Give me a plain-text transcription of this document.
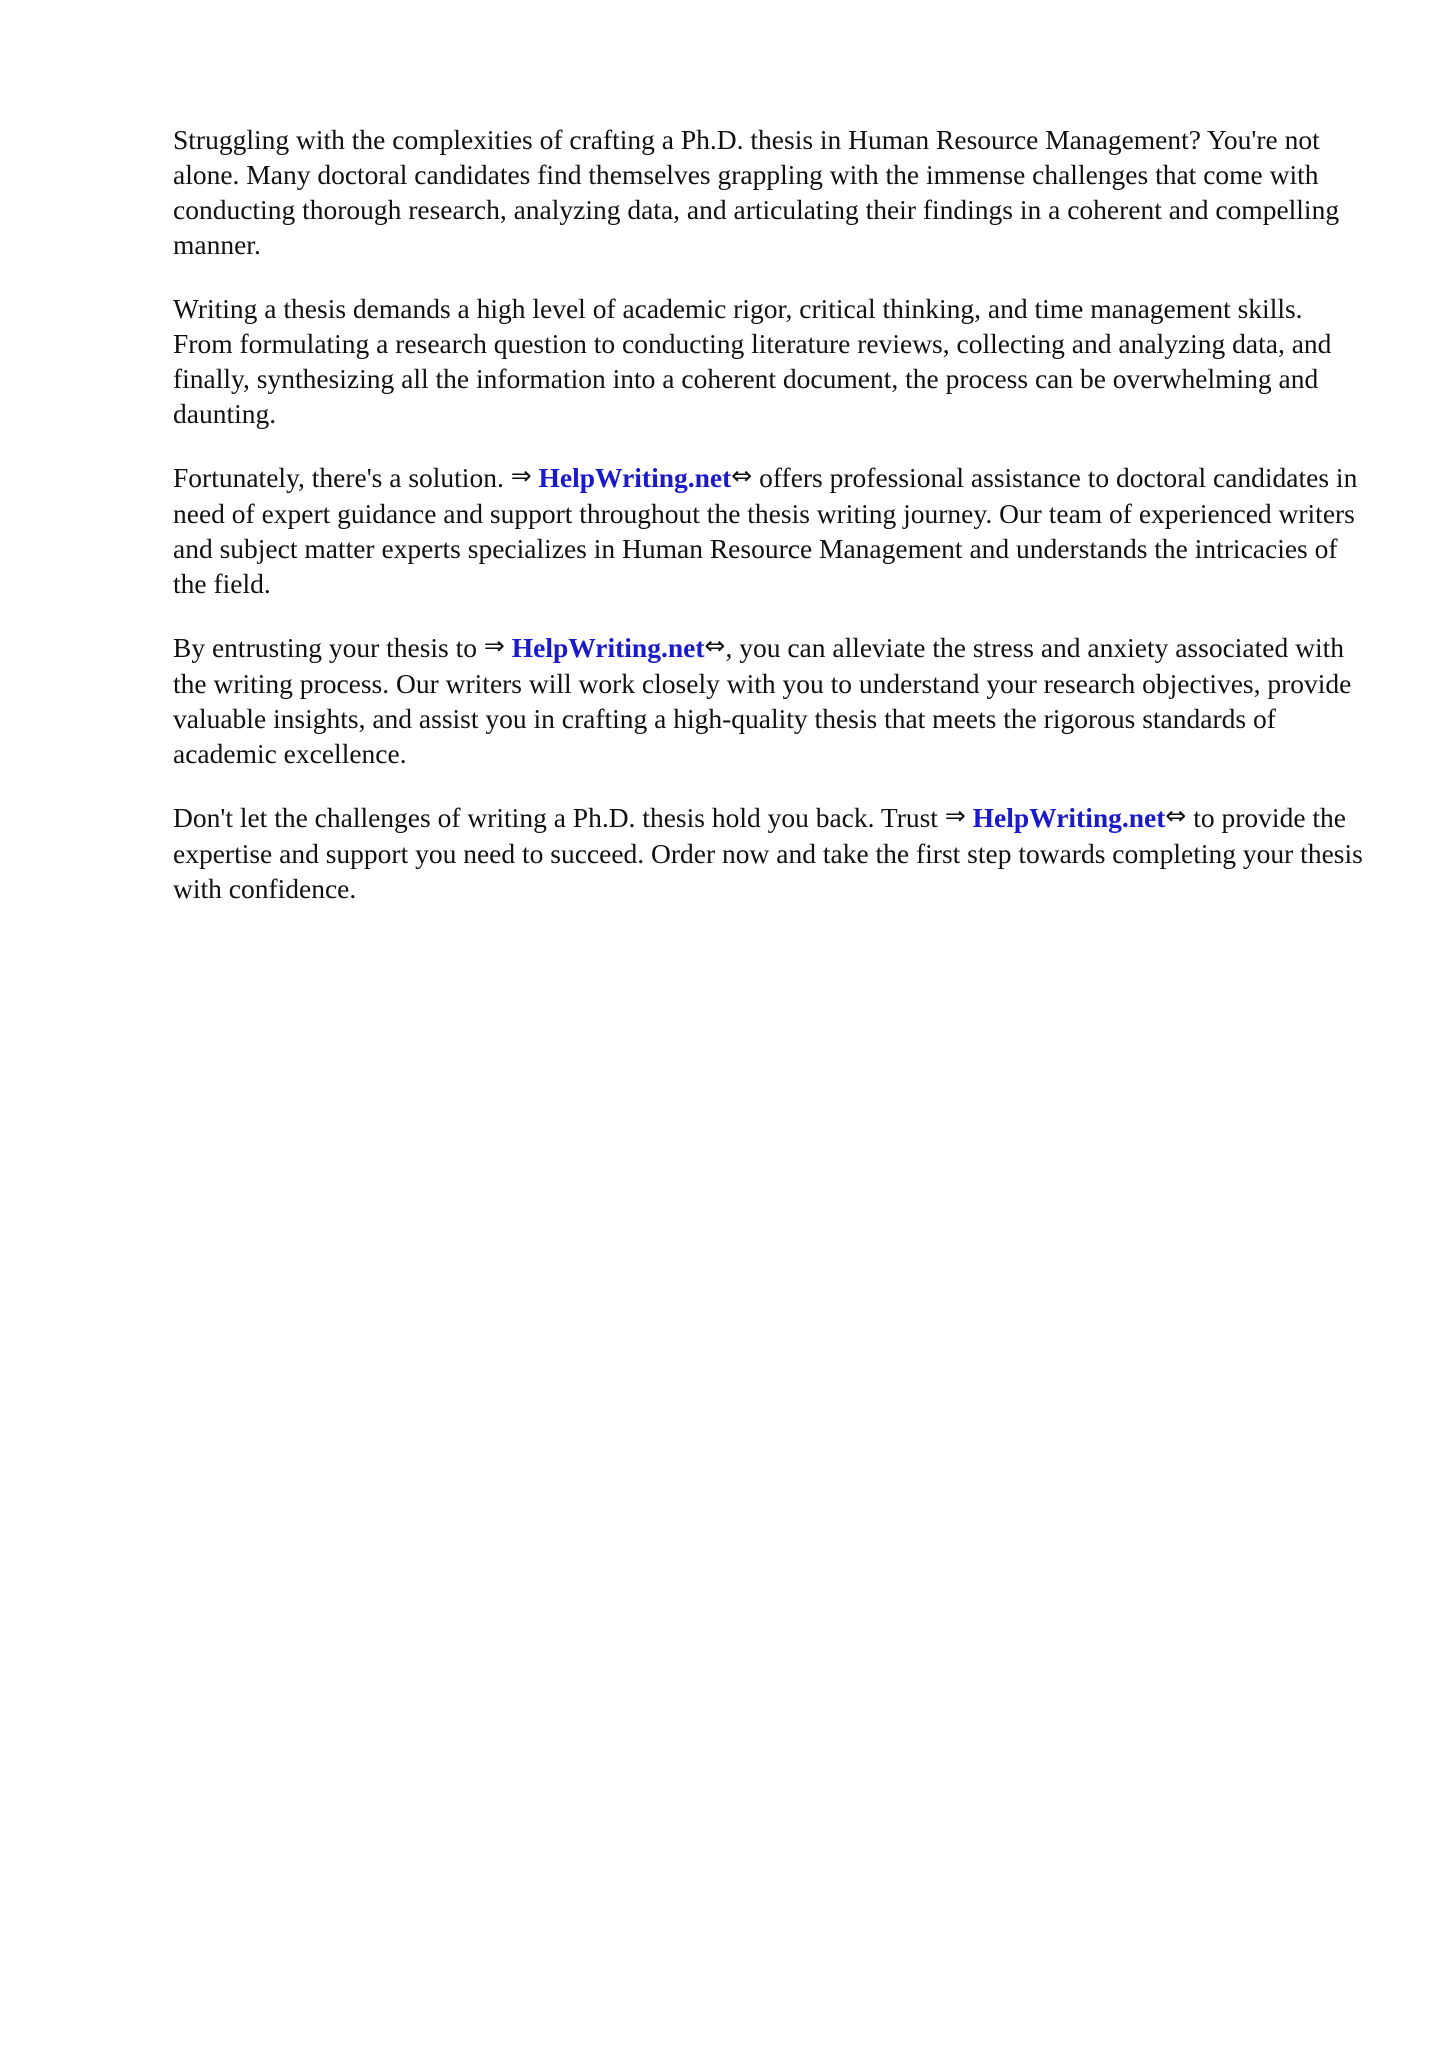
Struggling with the complexities of crafting a Ph.D. thesis in Human Resource Management? You're not alone. Many doctoral candidates find themselves grappling with the immense challenges that come with conducting thorough research, analyzing data, and articulating their findings in a coherent and compelling manner.

Writing a thesis demands a high level of academic rigor, critical thinking, and time management skills. From formulating a research question to conducting literature reviews, collecting and analyzing data, and finally, synthesizing all the information into a coherent document, the process can be overwhelming and daunting.

Fortunately, there's a solution. ⇒ HelpWriting.net⇔ offers professional assistance to doctoral candidates in need of expert guidance and support throughout the thesis writing journey. Our team of experienced writers and subject matter experts specializes in Human Resource Management and understands the intricacies of the field.

By entrusting your thesis to ⇒ HelpWriting.net⇔, you can alleviate the stress and anxiety associated with the writing process. Our writers will work closely with you to understand your research objectives, provide valuable insights, and assist you in crafting a high-quality thesis that meets the rigorous standards of academic excellence.

Don't let the challenges of writing a Ph.D. thesis hold you back. Trust ⇒ HelpWriting.net⇔ to provide the expertise and support you need to succeed. Order now and take the first step towards completing your thesis with confidence.
